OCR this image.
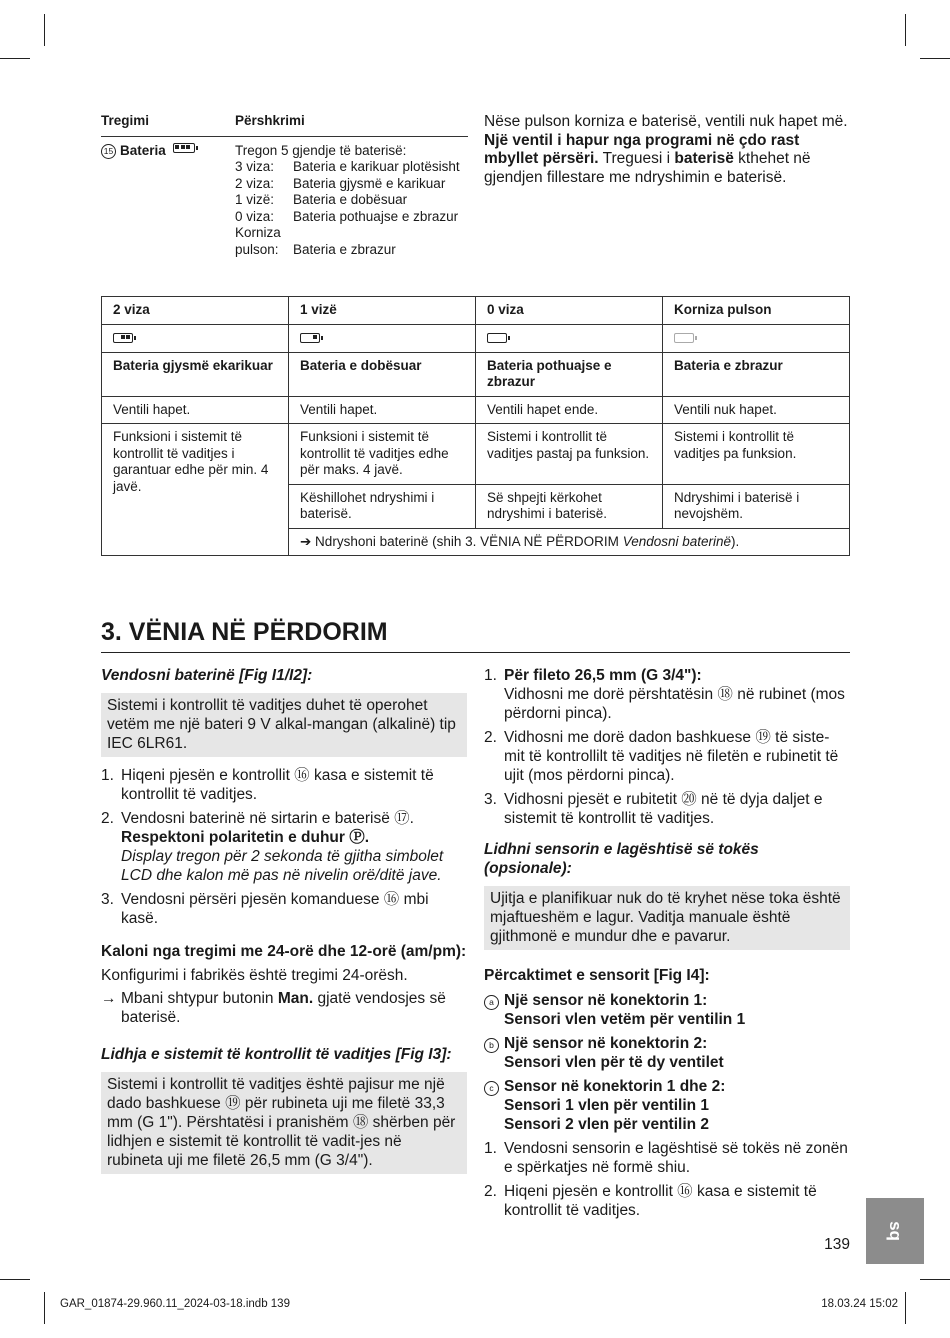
Tregimi	Përshkrimi
15 Bateria	Tregon 5 gjendje të baterisë:
3 viza:	Bateria e karikuar plotësisht
2 viza:	Bateria gjysmë e karikuar
1 vizë:	Bateria e dobësuar
0 viza:	Bateria pothuajse e zbrazur
Korniza
pulson:	Bateria e zbrazur
Nëse pulson korniza e baterisë, ventili nuk hapet më. Një ventil i hapur nga programi në çdo rast mbyllet përsëri. Treguesi i baterisë kthehet në gjendjen fillestare me ndryshimin e baterisë.
2 viza	1 vizë	0 viza	Korniza pulson

Bateria gjysmë ekarikuar	Bateria e dobësuar	Bateria pothuajse e zbrazur	Bateria e zbrazur
Ventili hapet.	Ventili hapet.	Ventili hapet ende.	Ventili nuk hapet.
Funksioni i sistemit të kontrollit të vaditjes i garantuar edhe për min. 4 javë.	Funksioni i sistemit të kontrollit të vaditjes edhe për maks. 4 javë.	Sistemi i kontrollit të vaditjes pastaj pa funksion.	Sistemi i kontrollit të vaditjes pa funksion.
	Këshillohet ndryshimi i baterisë.	Së shpejti kërkohet ndryshimi i baterisë.	Ndryshimi i baterisë i nevojshëm.
	➔ Ndryshoni baterinë (shih 3. VËNIA NË PËRDORIM Vendosni baterinë).		
3. VËNIA NË PËRDORIM
Vendosni baterinë [Fig I1/I2]:
Sistemi i kontrollit të vaditjes duhet të operohet vetëm me një bateri 9 V alkal-mangan (alkalinë) tip IEC 6LR61.
1. Hiqeni pjesën e kontrollit ⑯ kasa e sistemit të kontrollit të vaditjes.
2. Vendosni baterinë në sirtarin e baterisë ⑰.
Respektoni polaritetin e duhur Ⓟ.
Display tregon për 2 sekonda të gjitha simbolet LCD dhe kalon më pas në nivelin orë/ditë jave.
3. Vendosni përsëri pjesën komanduese ⑯ mbi kasë.
Kaloni nga tregimi me 24-orë dhe 12-orë (am/pm):
Konfigurimi i fabrikës është tregimi 24-orësh.
→ Mbani shtypur butonin Man. gjatë vendosjes së baterisë.
Lidhja e sistemit të kontrollit të vaditjes [Fig I3]:
Sistemi i kontrollit të vaditjes është pajisur me një dado bashkuese ⑲ për rubineta uji me filetë 33,3 mm (G 1"). Përshtatësi i pranishëm ⑱ shërben për lidhjen e sistemit të kontrollit të vadit-jes në rubineta uji me filetë 26,5 mm (G 3/4").
1. Për fileto 26,5 mm (G 3/4"):
Vidhosni me dorë përshtatësin ⑱ në rubinet (mos përdorni pinca).
2. Vidhosni me dorë dadon bashkuese ⑲ të siste-mit të kontrollilt të vaditjes në filetën e rubinetit të ujit (mos përdorni pinca).
3. Vidhosni pjesët e rubitetit ⑳ në të dyja daljet e sistemit të kontrollit të vaditjes.
Lidhni sensorin e lagështisë së tokës (opsionale):
Ujitja e planifikuar nuk do të kryhet nëse toka është mjaftueshëm e lagur. Vaditja manuale është gjithmonë e mundur dhe e pavarur.
Përcaktimet e sensorit [Fig I4]:
a Një sensor në konektorin 1:
Sensori vlen vetëm për ventilin 1
b Një sensor në konektorin 2:
Sensori vlen për të dy ventilet
c Sensor në konektorin 1 dhe 2:
Sensori 1 vlen për ventilin 1
Sensori 2 vlen për ventilin 2
1. Vendosni sensorin e lagështisë së tokës në zonën e spërkatjes në formë shiu.
2. Hiqeni pjesën e kontrollit ⑯ kasa e sistemit të kontrollit të vaditjes.
sq
139
GAR_01874-29.960.11_2024-03-18.indb 139	18.03.24 15:02
